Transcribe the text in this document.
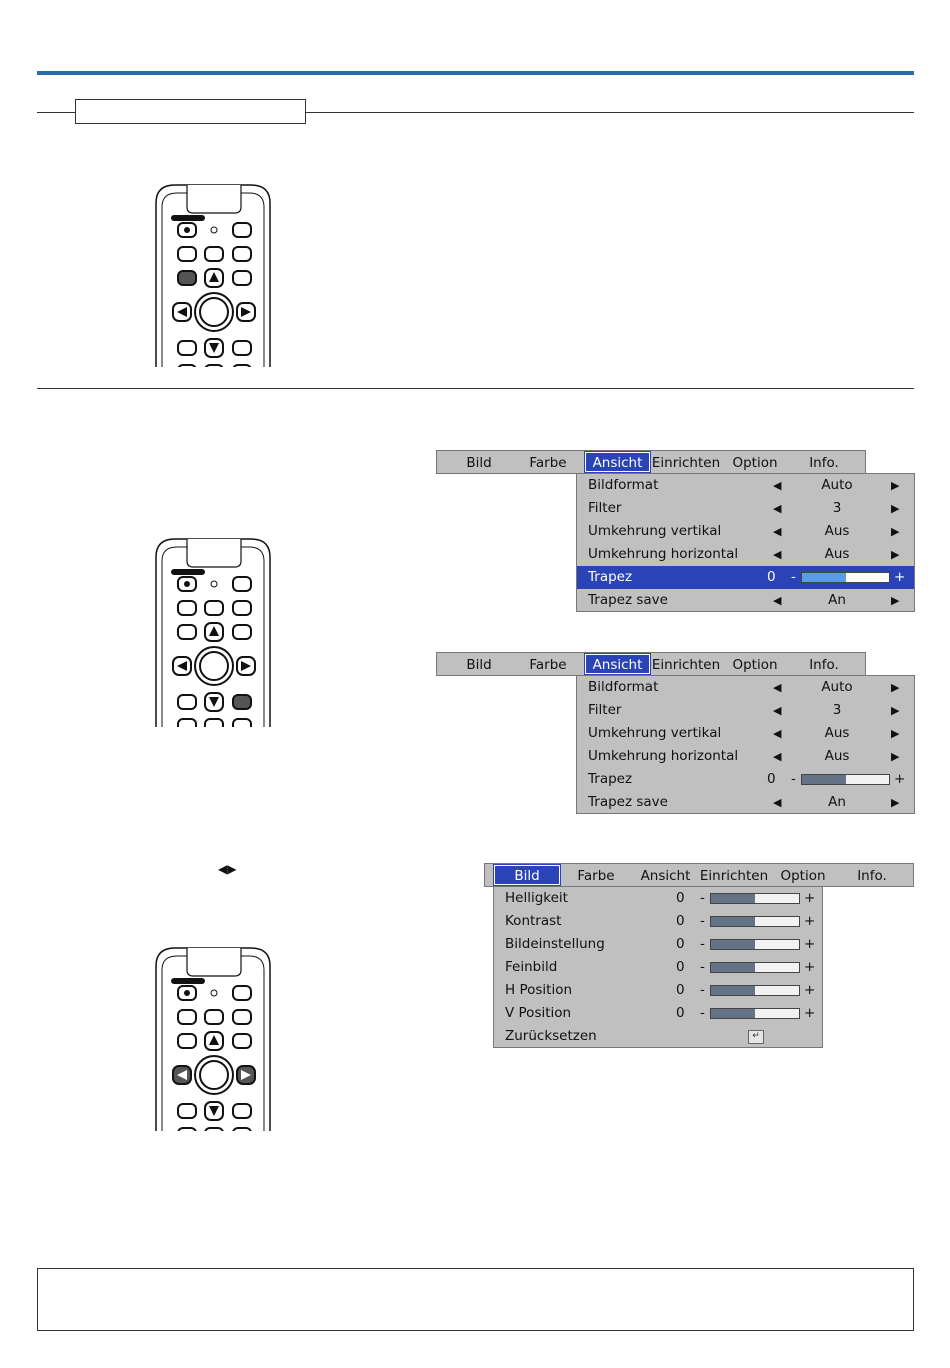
◀▶
Bild	Farbe	Ansicht Einrichten Option	Info.
Bildformat	◀	Auto	▶
Filter	◀	3	▶
Umkehrung vertikal	◀	Aus	▶
Umkehrung horizontal	◀	Aus	▶
Trapez	0 -	+
Trapez save	◀	An	▶
Bild	Farbe	Ansicht Einrichten Option	Info.
Bildformat	◀	Auto	▶
Filter	◀	3	▶
Umkehrung vertikal	◀	Aus	▶
Umkehrung horizontal	◀	Aus	▶
Trapez	0 -	+
Trapez save	◀	An	▶
Bild	Farbe	Ansicht Einrichten Option	Info.
Helligkeit	0 -	+
Kontrast	0 -	+
Bildeinstellung	0 -	+
Feinbild	0 -	+
H Position	0 -	+
V Position	0 -	+
Zurücksetzen	↵
